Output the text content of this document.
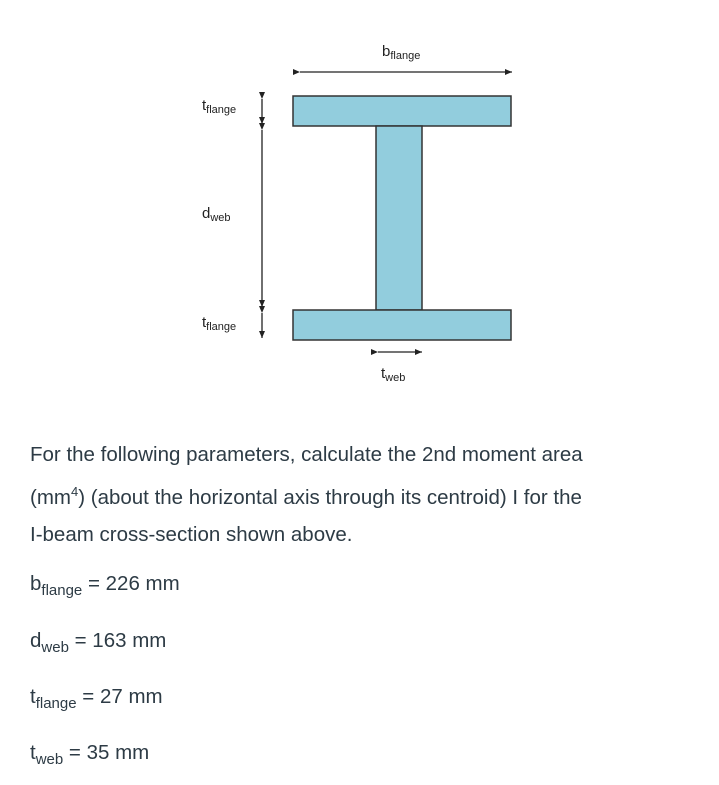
$b_{flange}$
$t_{flange}$
$d_{web}$
$t_{flange}$
$t_{web}$

For the following parameters, calculate the 2nd moment area
$(mm^4)$ (about the horizontal axis through its centroid) I for the
I-beam cross-section shown above.

$b_{flange} = 226$ mm
$d_{web} = 163$ mm
$t_{flange} = 27$ mm
$t_{web} = 35$ mm
